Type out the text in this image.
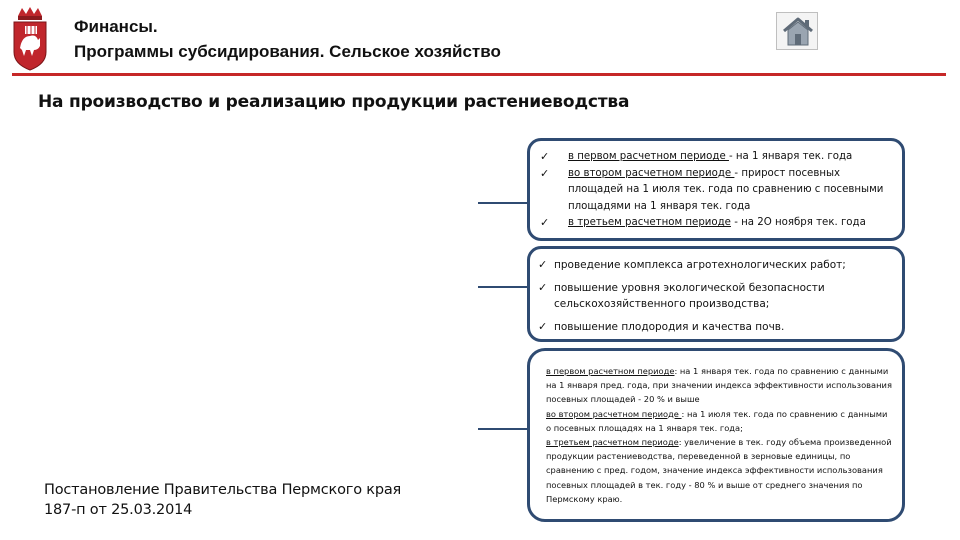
Финансы.
Программы субсидирования. Сельское хозяйство
На производство и реализацию продукции растениеводства
✓ в первом расчетном периоде - на 1 января тек. года
✓ во втором расчетном периоде - прирост посевных площадей на 1 июля тек. года по сравнению с посевными площадями на 1 января тек. года
✓ в третьем расчетном периоде - на 2О ноября тек. года
✓ проведение комплекса агротехнологических работ;
✓ повышение уровня экологической безопасности сельскохозяйственного производства;
✓ повышение плодородия и качества почв.
в первом расчетном периоде: на 1 января тек. года по сравнению с данными на 1 января пред. года, при значении индекса эффективности использования посевных площадей - 20 % и выше
во втором расчетном периоде : на 1 июля тек. года по сравнению с данными о посевных площадях на 1 января тек. года;
в третьем расчетном периоде: увеличение в тек. году объема произведенной продукции растениеводства, переведенной в зерновые единицы, по сравнению с пред. годом, значение индекса эффективности использования посевных площадей в тек. году - 80 % и выше от среднего значения по Пермскому краю.
Постановление Правительства Пермского края
187-п от 25.03.2014
